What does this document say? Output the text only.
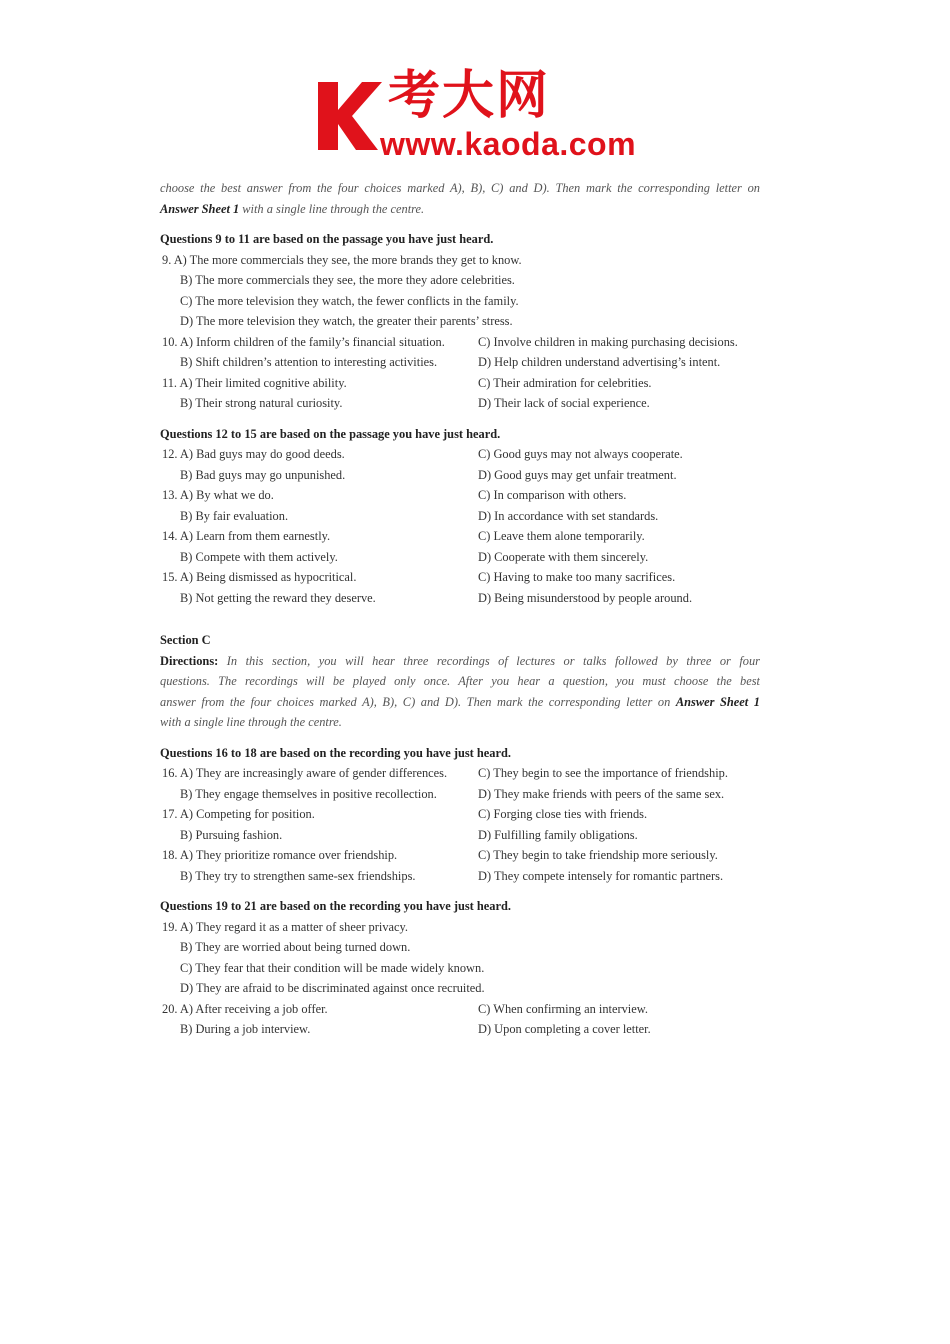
考大网
www.kaoda.com
choose the best answer from the four choices marked A), B), C) and D). Then mark the corresponding letter on
Answer Sheet 1 with a single line through the centre.
Questions 9 to 11 are based on the passage you have just heard.
9. A) The more commercials they see, the more brands they get to know.
B) The more commercials they see, the more they adore celebrities.
C) The more television they watch, the fewer conflicts in the family.
D) The more television they watch, the greater their parents’ stress.
10. A) Inform children of the family’s financial situation.	C) Involve children in making purchasing decisions.
B) Shift children’s attention to interesting activities.	D) Help children understand advertising’s intent.
11. A) Their limited cognitive ability.	C) Their admiration for celebrities.
B) Their strong natural curiosity.	D) Their lack of social experience.
Questions 12 to 15 are based on the passage you have just heard.
12. A) Bad guys may do good deeds.	C) Good guys may not always cooperate.
B) Bad guys may go unpunished.	D) Good guys may get unfair treatment.
13. A) By what we do.	C) In comparison with others.
B) By fair evaluation.	D) In accordance with set standards.
14. A) Learn from them earnestly.	C) Leave them alone temporarily.
B) Compete with them actively.	D) Cooperate with them sincerely.
15. A) Being dismissed as hypocritical.	C) Having to make too many sacrifices.
B) Not getting the reward they deserve.	D) Being misunderstood by people around.
Section C
Directions: In this section, you will hear three recordings of lectures or talks followed by three or four
questions. The recordings will be played only once. After you hear a question, you must choose the best
answer from the four choices marked A), B), C) and D). Then mark the corresponding letter on Answer Sheet 1
with a single line through the centre.
Questions 16 to 18 are based on the recording you have just heard.
16. A) They are increasingly aware of gender differences. C) They begin to see the importance of friendship.
B) They engage themselves in positive recollection.	D) They make friends with peers of the same sex.
17. A) Competing for position.	C) Forging close ties with friends.
B) Pursuing fashion.	D) Fulfilling family obligations.
18. A) They prioritize romance over friendship.	C) They begin to take friendship more seriously.
B) They try to strengthen same-sex friendships.	D) They compete intensely for romantic partners.
Questions 19 to 21 are based on the recording you have just heard.
19. A) They regard it as a matter of sheer privacy.
B) They are worried about being turned down.
C) They fear that their condition will be made widely known.
D) They are afraid to be discriminated against once recruited.
20. A) After receiving a job offer.	C) When confirming an interview.
B) During a job interview.	D) Upon completing a cover letter.
